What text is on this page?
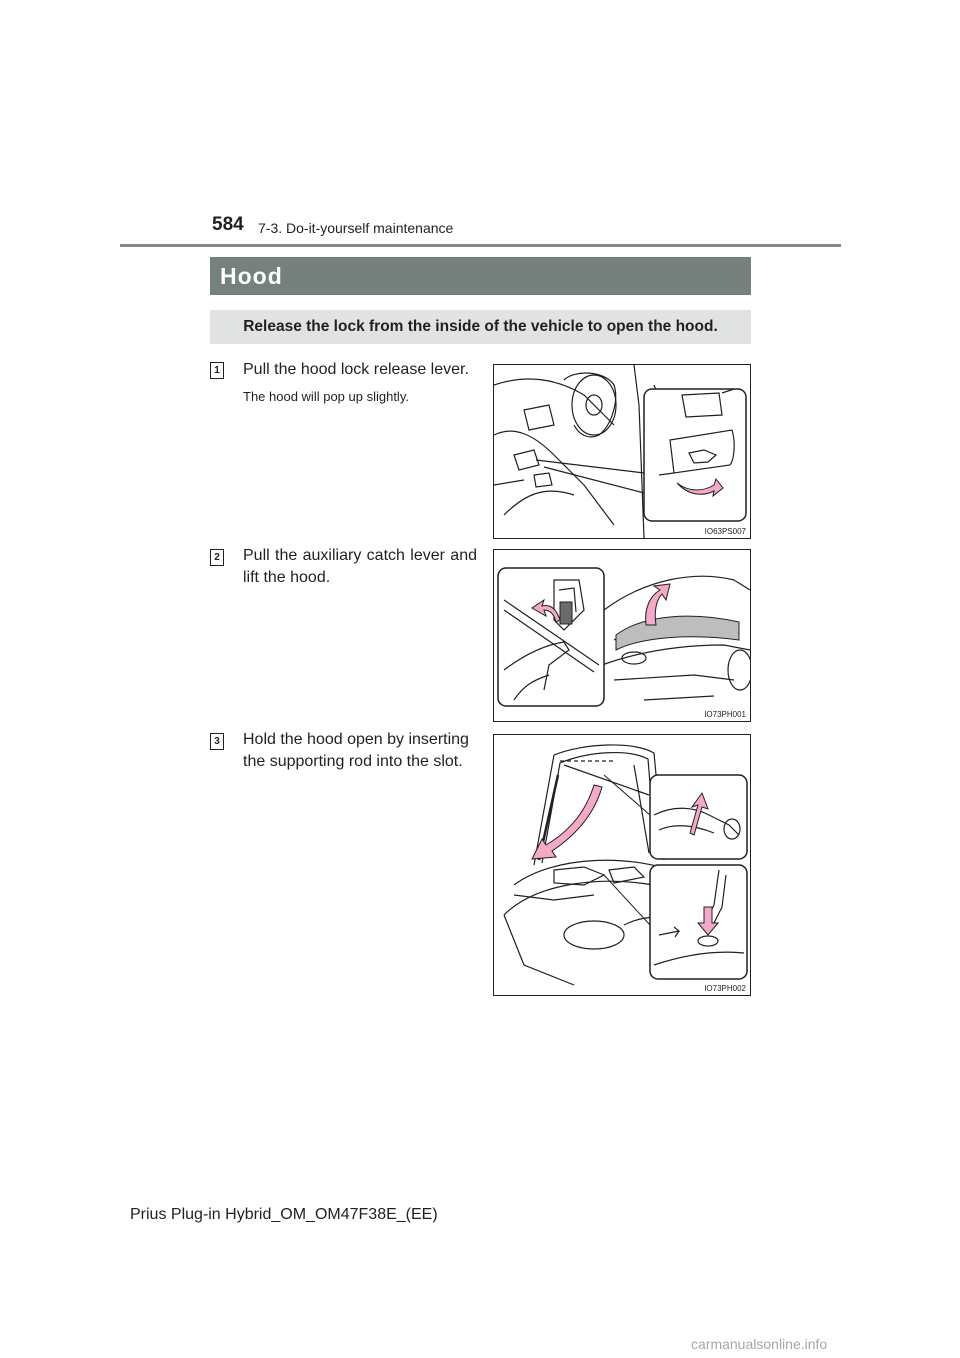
584 7-3. Do-it-yourself maintenance
Hood
Release the lock from the inside of the vehicle to open the hood.
1 Pull the hood lock release lever.
The hood will pop up slightly.
IO63PS007
2 Pull the auxiliary catch lever and lift the hood.
IO73PH001
3 Hold the hood open by inserting the supporting rod into the slot.
IO73PH002
Prius Plug-in Hybrid_OM_OM47F38E_(EE)
carmanualsonline.info
